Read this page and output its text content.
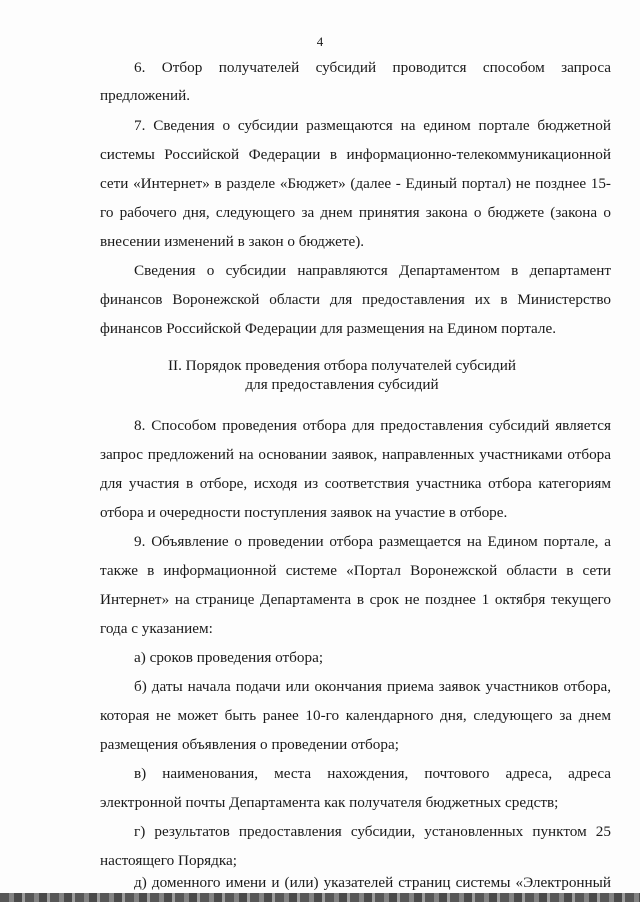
4
6. Отбор получателей субсидий проводится способом запроса
предложений.
7. Сведения о субсидии размещаются на едином портале бюджетной
системы Российской Федерации в информационно-телекоммуникационной
сети «Интернет» в разделе «Бюджет» (далее - Единый портал) не позднее 15-
го рабочего дня, следующего за днем принятия закона о бюджете (закона о
внесении изменений в закон о бюджете).
Сведения о субсидии направляются Департаментом в департамент
финансов Воронежской области для предоставления их в Министерство
финансов Российской Федерации для размещения на Едином портале.
II. Порядок проведения отбора получателей субсидий
для предоставления субсидий
8. Способом проведения отбора для предоставления субсидий является
запрос предложений на основании заявок, направленных участниками отбора
для участия в отборе, исходя из соответствия участника отбора категориям
отбора и очередности поступления заявок на участие в отборе.
9. Объявление о проведении отбора размещается на Едином портале, а
также в информационной системе «Портал Воронежской области в сети
Интернет» на странице Департамента в срок не позднее 1 октября текущего
года с указанием:
а) сроков проведения отбора;
б) даты начала подачи или окончания приема заявок участников отбора,
которая не может быть ранее 10-го календарного дня, следующего за днем
размещения объявления о проведении отбора;
в) наименования, места нахождения, почтового адреса, адреса
электронной почты Департамента как получателя бюджетных средств;
г) результатов предоставления субсидии, установленных пунктом 25
настоящего Порядка;
д) доменного имени и (или) указателей страниц системы «Электронный
